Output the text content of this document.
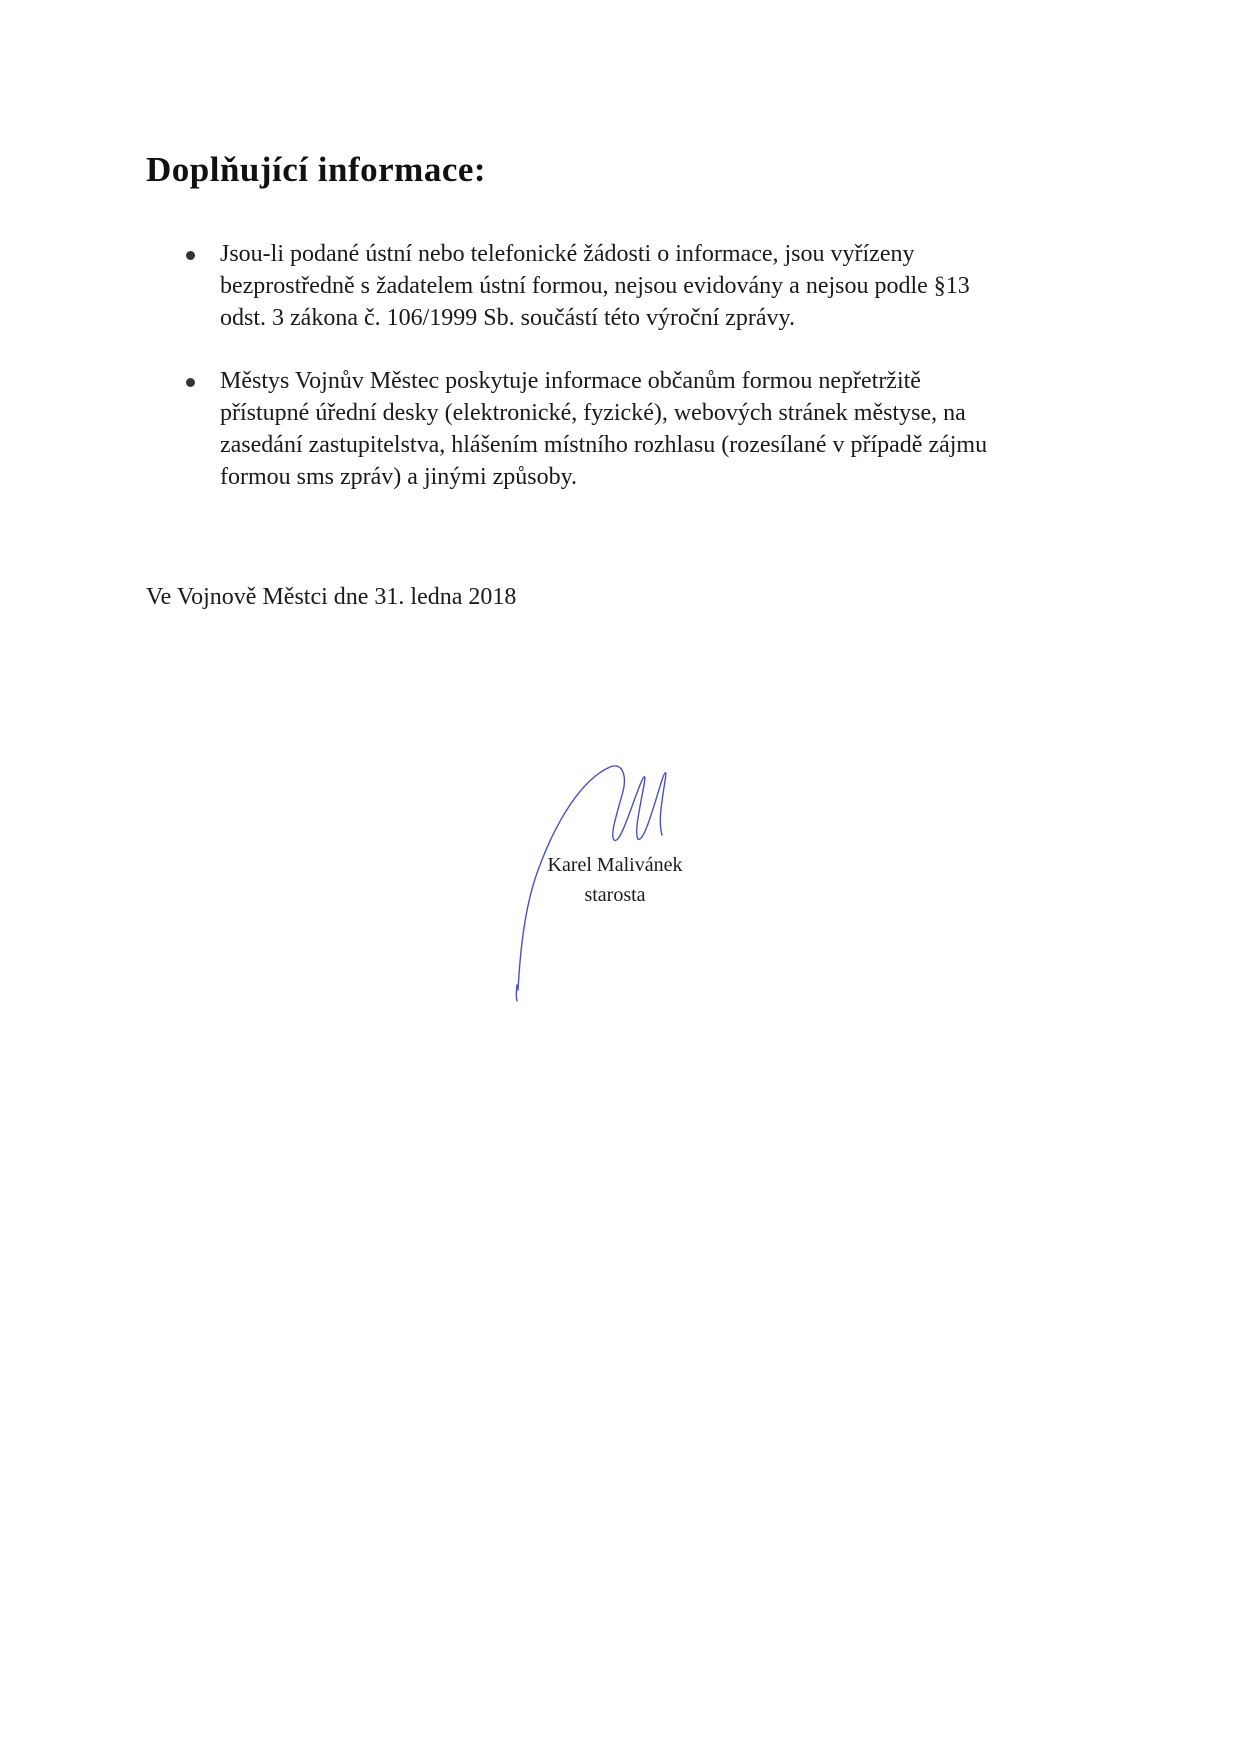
Doplňující informace:
Jsou-li podané ústní nebo telefonické žádosti o informace, jsou vyřízeny
bezprostředně s žadatelem ústní formou, nejsou evidovány a nejsou podle §13
odst. 3 zákona č. 106/1999 Sb. součástí této výroční zprávy.
Městys Vojnův Městec poskytuje informace občanům formou nepřetržitě
přístupné úřední desky (elektronické, fyzické), webových stránek městyse, na
zasedání zastupitelstva, hlášením místního rozhlasu (rozesílané v případě zájmu
formou sms zpráv) a jinými způsoby.
Ve Vojnově Městci dne 31. ledna 2018
Karel Malivánek
starosta
